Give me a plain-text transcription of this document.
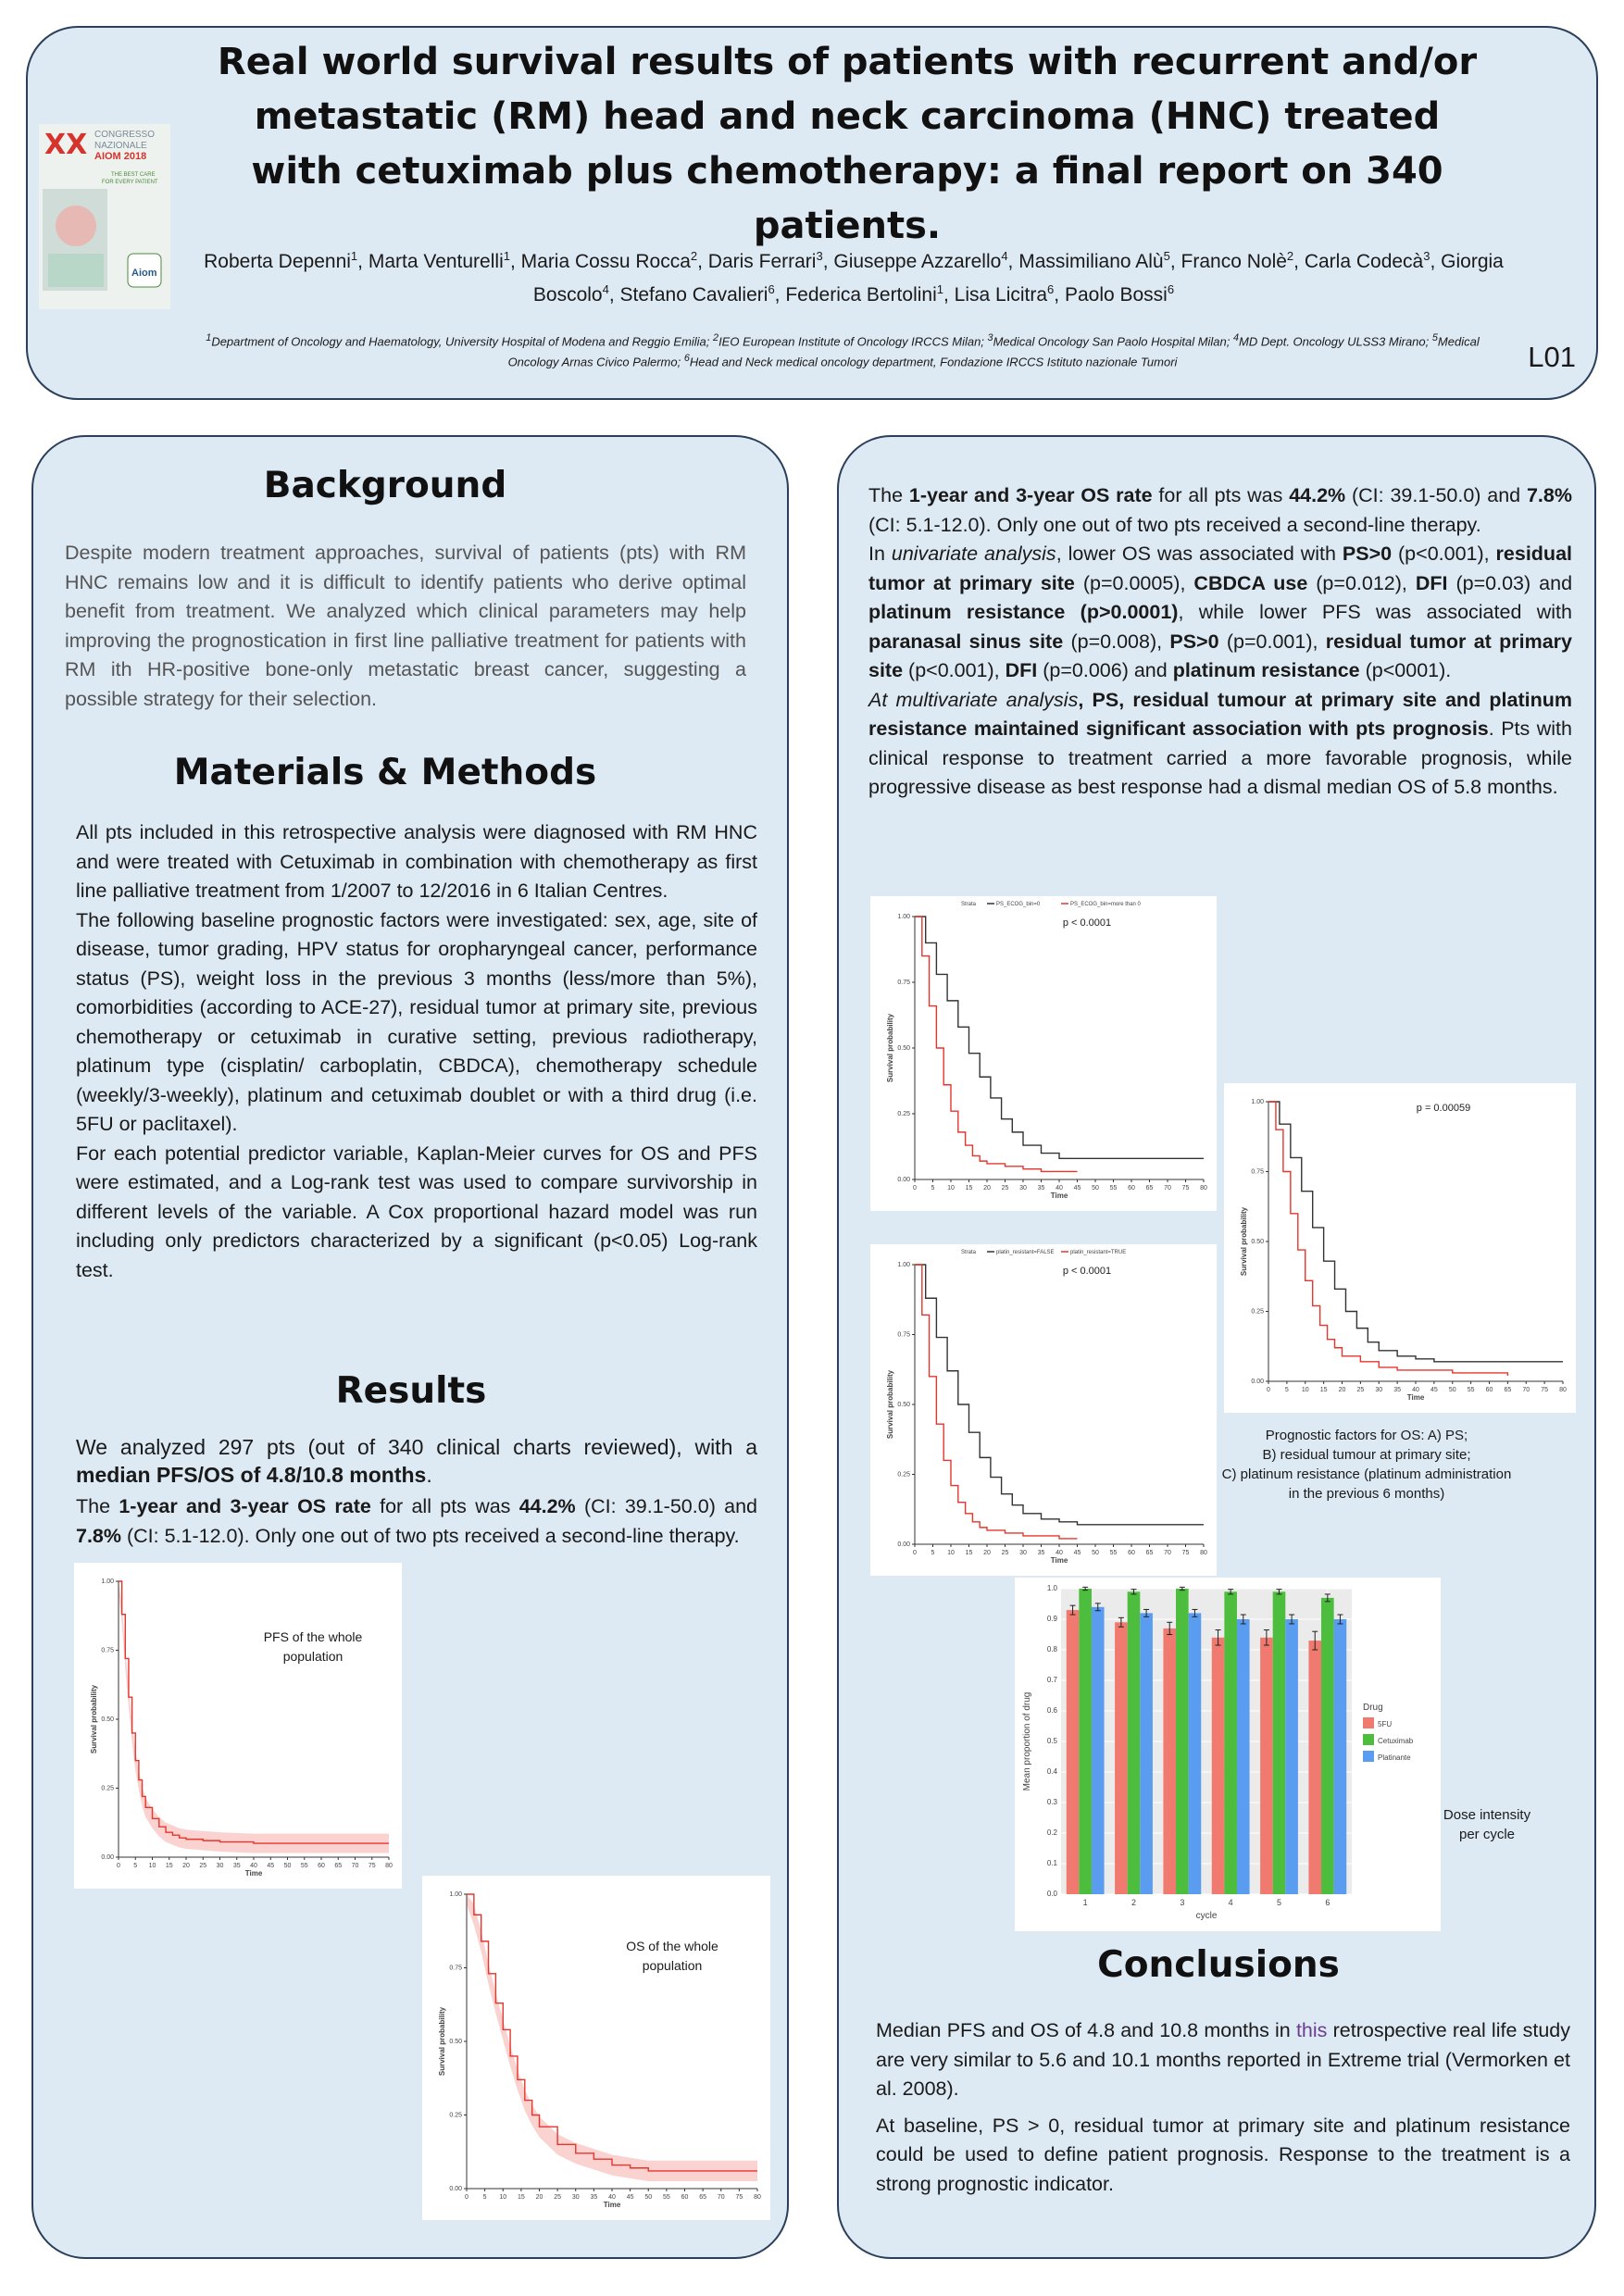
XX CONGRESSO
NAZIONALE
AIOM 2018
THE BEST CARE
FOR EVERY PATIENT
Aiom
Real world survival results of patients with recurrent and/or metastatic (RM) head and neck carcinoma (HNC) treated with cetuximab plus chemotherapy: a final report on 340 patients.
Roberta Depenni$^1$, Marta Venturelli$^1$, Maria Cossu Rocca$^2$, Daris Ferrari$^3$, Giuseppe Azzarello$^4$, Massimiliano Alù$^5$, Franco Nolè$^2$, Carla Codecà$^3$, Giorgia Boscolo$^4$, Stefano Cavalieri$^6$, Federica Bertolini$^1$, Lisa Licitra$^6$, Paolo Bossi$^6$
$^1$Department of Oncology and Haematology, University Hospital of Modena and Reggio Emilia; $^2$IEO European Institute of Oncology IRCCS Milan; $^3$Medical Oncology San Paolo Hospital Milan; $^4$MD Dept. Oncology ULSS3 Mirano; $^5$Medical Oncology Arnas Civico Palermo; $^6$Head and Neck medical oncology department, Fondazione IRCCS Istituto nazionale Tumori	L01
Background

Despite modern treatment approaches, survival of patients (pts) with RM HNC remains low and it is difficult to identify patients who derive optimal benefit from treatment. We analyzed which clinical parameters may help improving the prognostication in first line palliative treatment for patients with RM ith HR-positive bone-only metastatic breast cancer, suggesting a possible strategy for their selection.

Materials & Methods

All pts included in this retrospective analysis were diagnosed with RM HNC and were treated with Cetuximab in combination with chemotherapy as first line palliative treatment from 1/2007 to 12/2016 in 6 Italian Centres.

The following baseline prognostic factors were investigated: sex, age, site of disease, tumor grading, HPV status for oropharyngeal cancer, performance status (PS), weight loss in the previous 3 months (less/more than 5%), comorbidities (according to ACE-27), residual tumor at primary site, previous chemotherapy or cetuximab in curative setting, previous radiotherapy, platinum type (cisplatin/ carboplatin, CBDCA), chemotherapy schedule (weekly/3-weekly), platinum and cetuximab doublet or with a third drug (i.e. 5FU or paclitaxel).

For each potential predictor variable, Kaplan-Meier curves for OS and PFS were estimated, and a Log-rank test was used to compare survivorship in different levels of the variable. A Cox proportional hazard model was run including only predictors characterized by a significant (p<0.05) Log-rank test.

Results

We analyzed 297 pts (out of 340 clinical charts reviewed), with a median PFS/OS of 4.8/10.8 months.

The 1-year and 3-year OS rate for all pts was 44.2% (CI: 39.1-50.0) and 7.8% (CI: 5.1-12.0). Only one out of two pts received a second-line therapy.

The 1-year and 3-year OS rate for all pts was 44.2% (CI: 39.1-50.0) and 7.8% (CI: 5.1-12.0). Only one out of two pts received a second-line therapy.

In univariate analysis, lower OS was associated with PS>0 (p<0.001), residual tumor at primary site (p=0.0005), CBDCA use (p=0.012), DFI (p=0.03) and platinum resistance (p>0.0001), while lower PFS was associated with paranasal sinus site (p=0.008), PS>0 (p=0.001), residual tumor at primary site (p<0.001), DFI (p=0.006) and platinum resistance (p<0001).

At multivariate analysis, PS, residual tumour at primary site and platinum resistance maintained significant association with pts prognosis. Pts with clinical response to treatment carried a more favorable prognosis, while progressive disease as best response had a dismal median OS of 5.8 months.

Prognostic factors for OS: A) PS;
B) residual tumour at primary site;
C) platinum resistance (platinum administration in the previous 6 months)
Dose intensity per cycle
Conclusions

Median PFS and OS of 4.8 and 10.8 months in this retrospective real life study are very similar to 5.6 and 10.1 months reported in Extreme trial (Vermorken et al. 2008).

At baseline, PS > 0, residual tumor at primary site and platinum resistance could be used to define patient prognosis. Response to the treatment is a strong prognostic indicator.

0.00
0.25
0.50
0.75
1.00
0 5 10 15 20 25 30 35 40 45 50 55 60 65 70 75 80
Time
Survival probability
PFS of the whole population
0.00
0.25
0.50
0.75
1.00
0 5 10 15 20 25 30 35 40 45 50 55 60 65 70 75 80
Time
Survival probability
OS of the whole population
0.00
0.25
0.50
0.75
1.00
0 5 10 15 20 25 30 35 40 45 50 55 60 65 70 75 80
Time
Survival probability
p < 0.0001
Strata	PS_ECOG_bin=0	PS_ECOG_bin=more than 0
0.00
0.25
0.50
0.75
1.00
0 5 10 15 20 25 30 35 40 45 50 55 60 65 70 75 80
Time
Survival probability
p = 0.00059
0.00
0.25
0.50
0.75
1.00
0 5 10 15 20 25 30 35 40 45 50 55 60 65 70 75 80
Time
Survival probability
p < 0.0001
Strata	platin_resistant=FALSE	platin_resistant=TRUE
0.0
0.1
0.2
0.3
0.4
0.5
0.6
0.7
0.8
0.9
1.0
1	2	3	4	5	6
cycle
Mean proportion of drug	Drug
5FU
Cetuximab
Platinante
